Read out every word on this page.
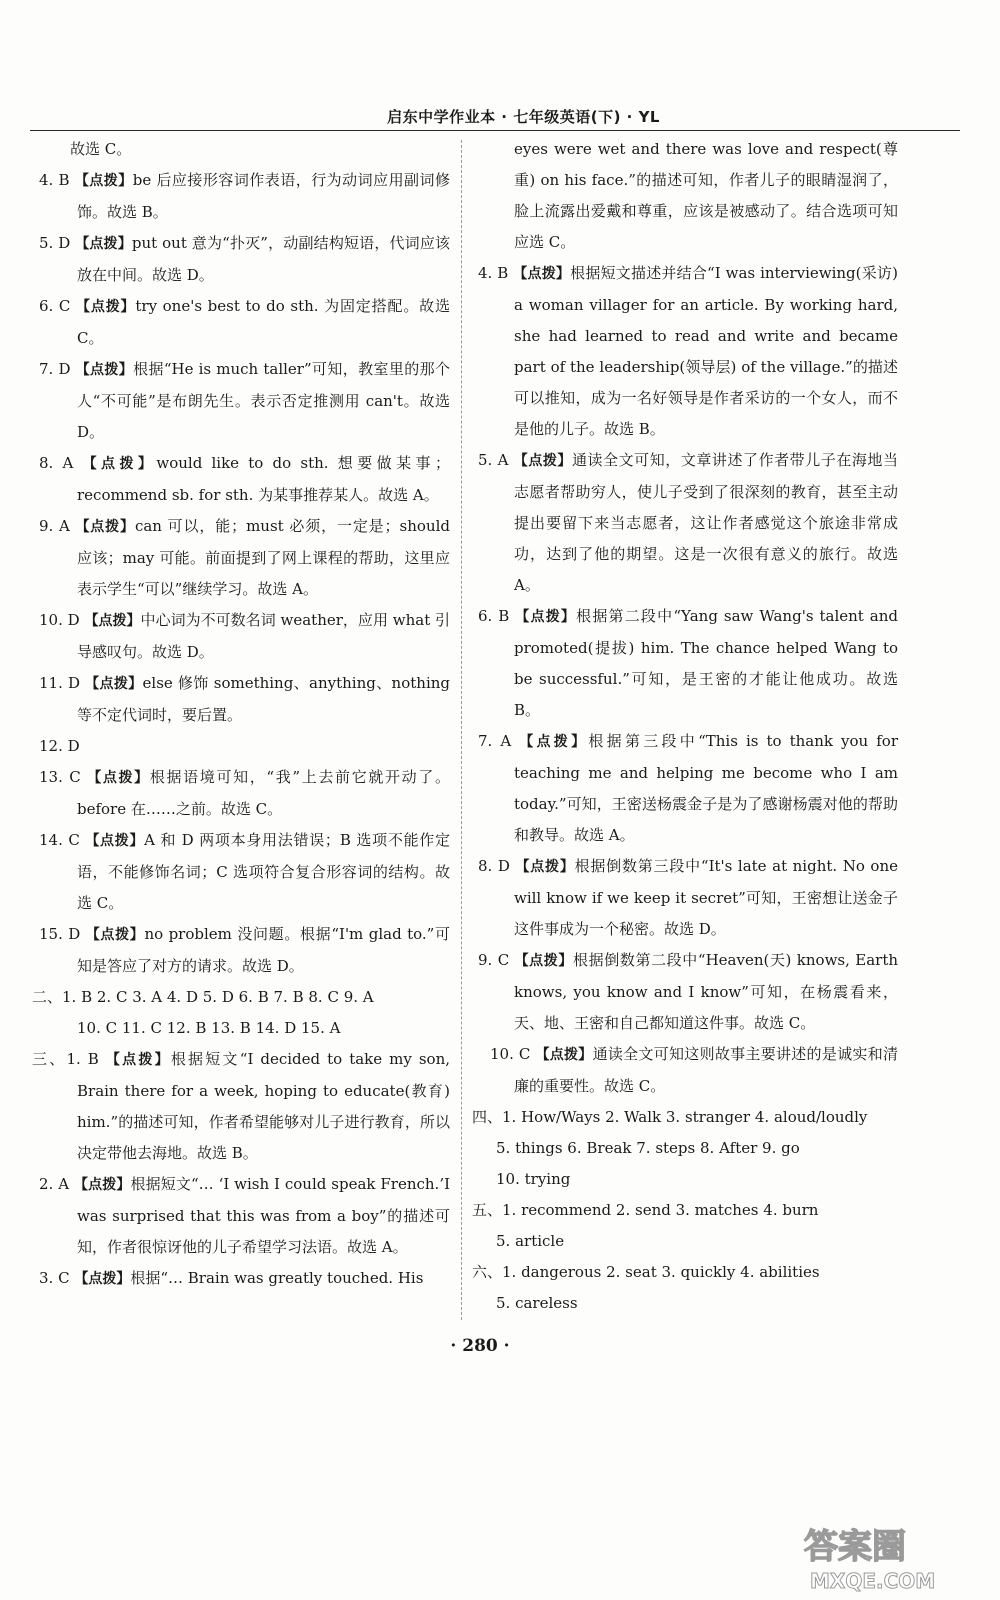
启东中学作业本 · 七年级英语(下) · YL
故选 C。
4. B 【点拨】be 后应接形容词作表语，行为动词应用副词修饰。故选 B。
5. D 【点拨】put out 意为“扑灭”，动副结构短语，代词应该放在中间。故选 D。
6. C 【点拨】try one's best to do sth. 为固定搭配。故选 C。
7. D 【点拨】根据“He is much taller”可知，教室里的那个人“不可能”是布朗先生。表示否定推测用 can't。故选 D。
8. A 【点拨】would like to do sth. 想要做某事；recommend sb. for sth. 为某事推荐某人。故选 A。
9. A 【点拨】can 可以，能；must 必须，一定是；should 应该；may 可能。前面提到了网上课程的帮助，这里应表示学生“可以”继续学习。故选 A。
10. D 【点拨】中心词为不可数名词 weather，应用 what 引导感叹句。故选 D。
11. D 【点拨】else 修饰 something、anything、nothing 等不定代词时，要后置。
12. D
13. C 【点拨】根据语境可知，“我”上去前它就开动了。before 在……之前。故选 C。
14. C 【点拨】A 和 D 两项本身用法错误；B 选项不能作定语，不能修饰名词；C 选项符合复合形容词的结构。故选 C。
15. D 【点拨】no problem 没问题。根据“I'm glad to.”可知是答应了对方的请求。故选 D。
二、1. B 2. C 3. A 4. D 5. D 6. B 7. B 8. C 9. A
10. C 11. C 12. B 13. B 14. D 15. A
三、1. B 【点拨】根据短文“I decided to take my son, Brain there for a week, hoping to educate(教育) him.”的描述可知，作者希望能够对儿子进行教育，所以决定带他去海地。故选 B。
2. A 【点拨】根据短文“… ‘I wish I could speak French.’I was surprised that this was from a boy”的描述可知，作者很惊讶他的儿子希望学习法语。故选 A。
3. C 【点拨】根据“… Brain was greatly touched. His
eyes were wet and there was love and respect(尊重) on his face.”的描述可知，作者儿子的眼睛湿润了，脸上流露出爱戴和尊重，应该是被感动了。结合选项可知应选 C。
4. B 【点拨】根据短文描述并结合“I was interviewing(采访) a woman villager for an article. By working hard, she had learned to read and write and became part of the leadership(领导层) of the village.”的描述可以推知，成为一名好领导是作者采访的一个女人，而不是他的儿子。故选 B。
5. A 【点拨】通读全文可知，文章讲述了作者带儿子在海地当志愿者帮助穷人，使儿子受到了很深刻的教育，甚至主动提出要留下来当志愿者，这让作者感觉这个旅途非常成功，达到了他的期望。这是一次很有意义的旅行。故选 A。
6. B 【点拨】根据第二段中“Yang saw Wang's talent and promoted(提拔) him. The chance helped Wang to be successful.”可知，是王密的才能让他成功。故选 B。
7. A 【点拨】根据第三段中“This is to thank you for teaching me and helping me become who I am today.”可知，王密送杨震金子是为了感谢杨震对他的帮助和教导。故选 A。
8. D 【点拨】根据倒数第三段中“It's late at night. No one will know if we keep it secret”可知，王密想让送金子这件事成为一个秘密。故选 D。
9. C 【点拨】根据倒数第二段中“Heaven(天) knows, Earth knows, you know and I know”可知，在杨震看来，天、地、王密和自己都知道这件事。故选 C。
10. C 【点拨】通读全文可知这则故事主要讲述的是诚实和清廉的重要性。故选 C。
四、1. How/Ways 2. Walk 3. stranger 4. aloud/loudly
5. things 6. Break 7. steps 8. After 9. go
10. trying
五、1. recommend 2. send 3. matches 4. burn
5. article
六、1. dangerous 2. seat 3. quickly 4. abilities
5. careless
· 280 ·
答案圈
MXQE.COM
